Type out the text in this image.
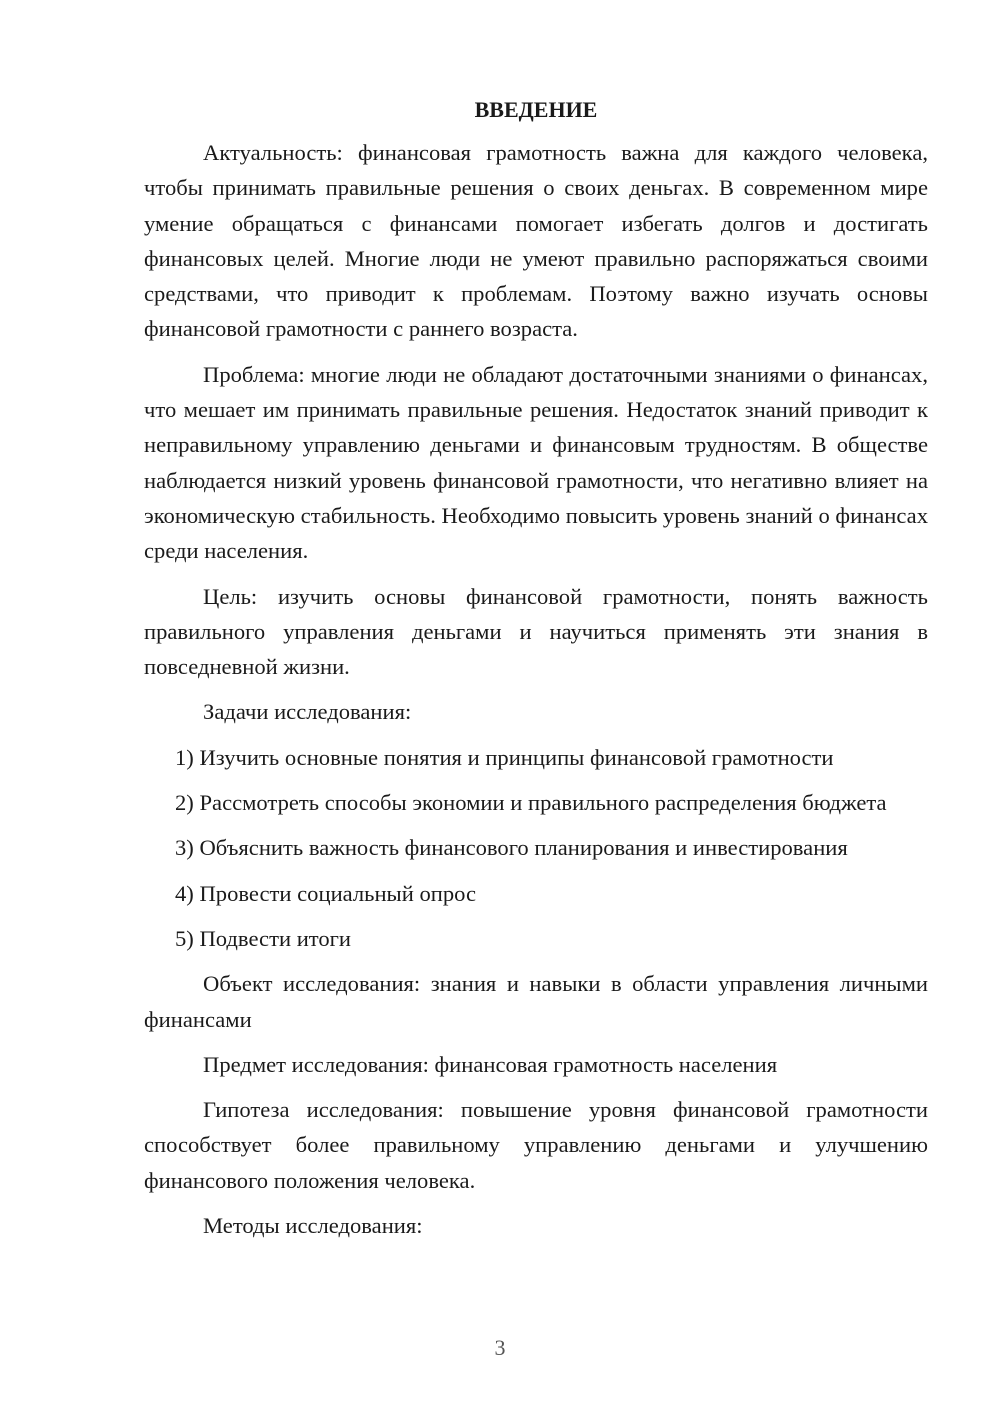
ВВЕДЕНИЕ

Актуальность: финансовая грамотность важна для каждого человека, чтобы принимать правильные решения о своих деньгах. В современном мире умение обращаться с финансами помогает избегать долгов и достигать финансовых целей. Многие люди не умеют правильно распоряжаться своими средствами, что приводит к проблемам. Поэтому важно изучать основы финансовой грамотности с раннего возраста.

Проблема: многие люди не обладают достаточными знаниями о финансах, что мешает им принимать правильные решения. Недостаток знаний приводит к неправильному управлению деньгами и финансовым трудностям. В обществе наблюдается низкий уровень финансовой грамотности, что негативно влияет на экономическую стабильность. Необходимо повысить уровень знаний о финансах среди населения.

Цель: изучить основы финансовой грамотности, понять важность правильного управления деньгами и научиться применять эти знания в повседневной жизни.

Задачи исследования:

1) Изучить основные понятия и принципы финансовой грамотности

2) Рассмотреть способы экономии и правильного распределения бюджета

3) Объяснить важность финансового планирования и инвестирования

4) Провести социальный опрос

5) Подвести итоги

Объект исследования: знания и навыки в области управления личными финансами

Предмет исследования: финансовая грамотность населения

Гипотеза исследования: повышение уровня финансовой грамотности способствует более правильному управлению деньгами и улучшению финансового положения человека.

Методы исследования:

3
